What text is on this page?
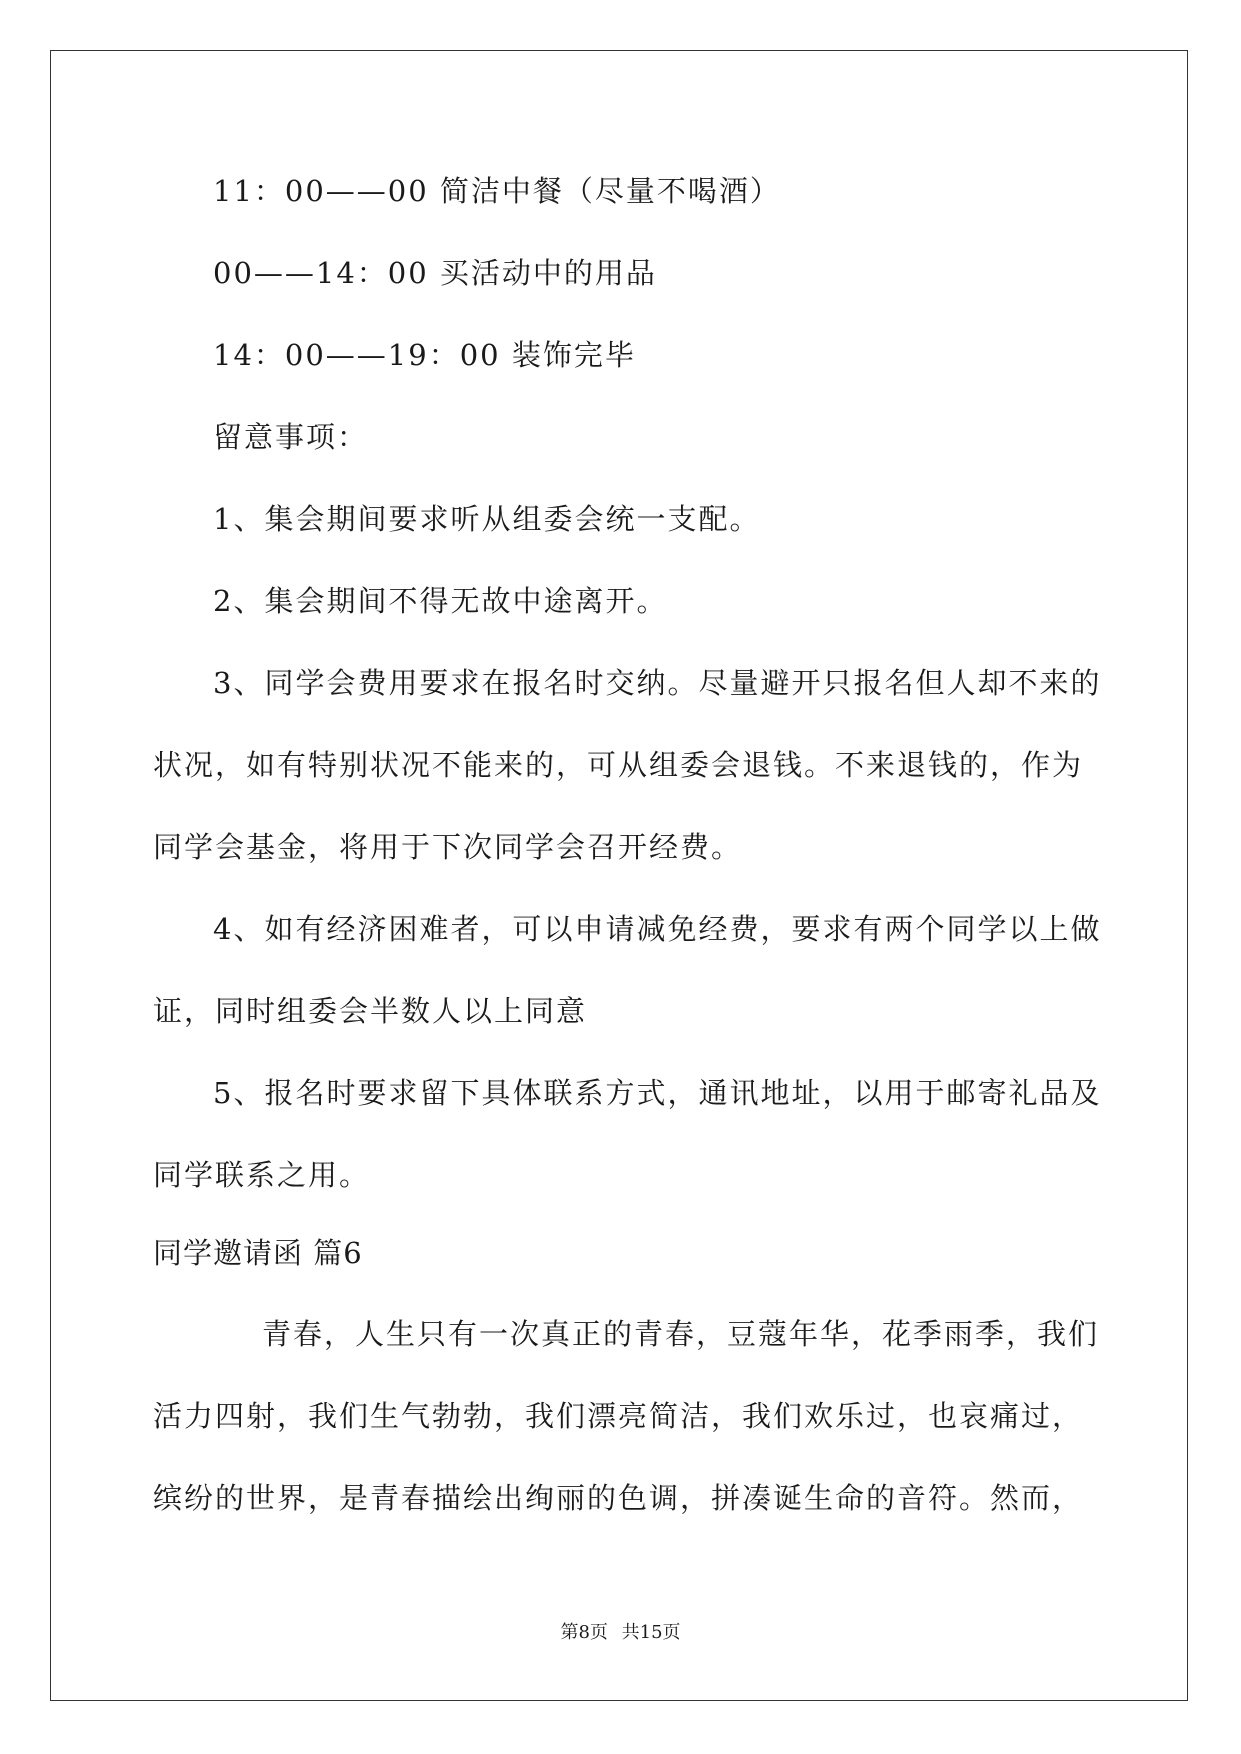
11：00——00 简洁中餐（尽量不喝酒）
00——14：00 买活动中的用品
14：00——19：00 装饰完毕
留意事项：
1、集会期间要求听从组委会统一支配。
2、集会期间不得无故中途离开。
3、同学会费用要求在报名时交纳。尽量避开只报名但人却不来的
状况，如有特别状况不能来的，可从组委会退钱。不来退钱的，作为
同学会基金，将用于下次同学会召开经费。
4、如有经济困难者，可以申请减免经费，要求有两个同学以上做
证，同时组委会半数人以上同意
5、报名时要求留下具体联系方式，通讯地址，以用于邮寄礼品及
同学联系之用。
同学邀请函 篇6
青春，人生只有一次真正的青春，豆蔻年华，花季雨季，我们
活力四射，我们生气勃勃，我们漂亮简洁，我们欢乐过，也哀痛过，
缤纷的世界，是青春描绘出绚丽的色调，拼凑诞生命的音符。然而，
第8页 共15页
